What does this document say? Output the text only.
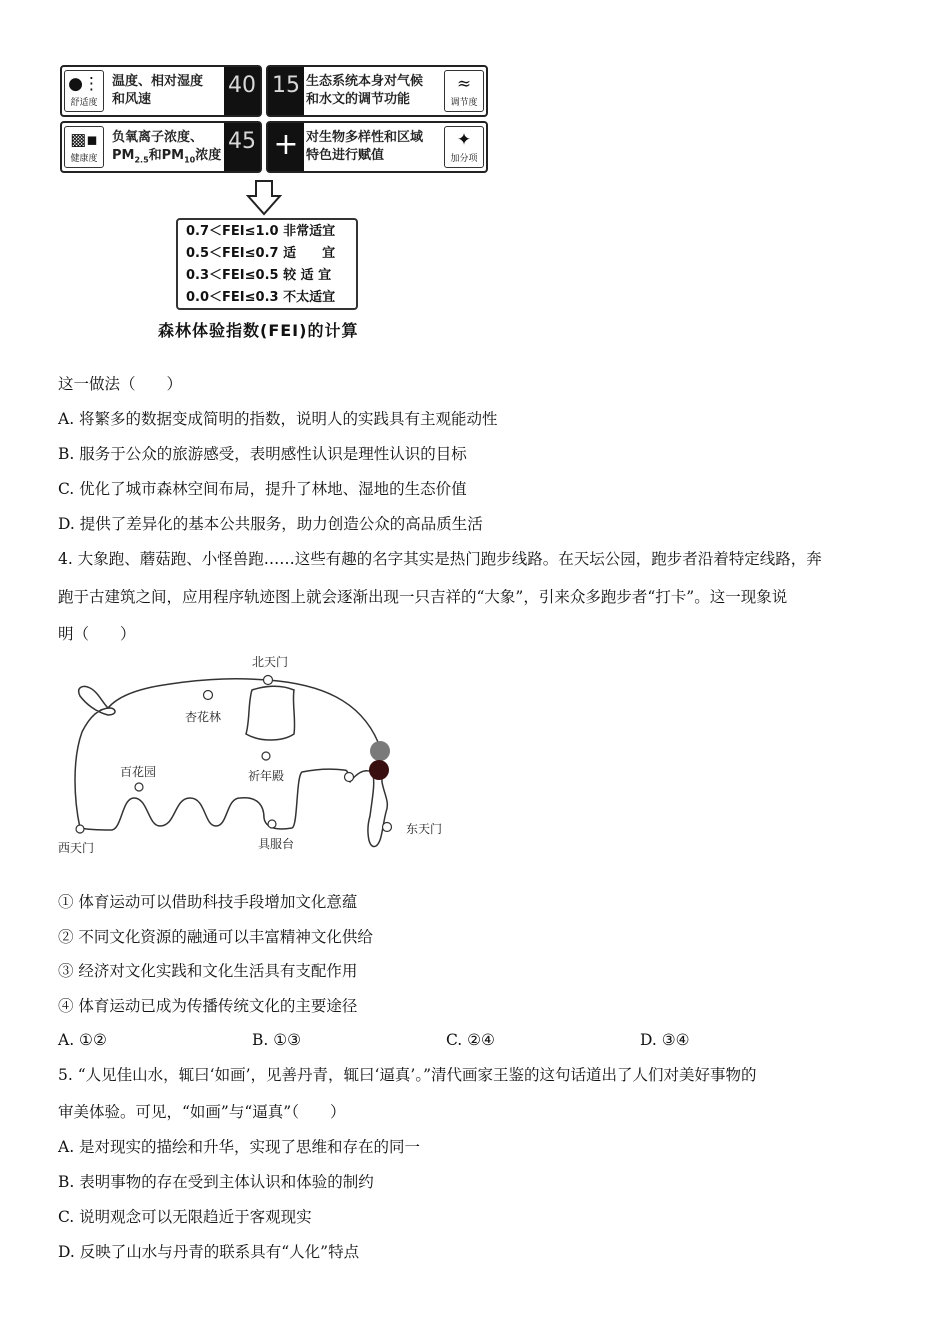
●⋮
舒适度
温度、相对湿度
和风速
40 15 生态系统本身对气候
和水文的调节功能
≈
调节度
▩▪
健康度
负氧离子浓度、
$PM_{2.5}$和$PM_{10}$浓度
45 + 对生物多样性和区域
特色进行赋值
✦
加分项
0.7＜FEI≤1.0 非常适宜
0.5＜FEI≤0.7 适　　宜
0.3＜FEI≤0.5 较 适 宜
0.0＜FEI≤0.3 不太适宜
森林体验指数(FEI)的计算
这一做法（　　）
A. 将繁多的数据变成简明的指数，说明人的实践具有主观能动性
B. 服务于公众的旅游感受，表明感性认识是理性认识的目标
C. 优化了城市森林空间布局，提升了林地、湿地的生态价值
D. 提供了差异化的基本公共服务，助力创造公众的高品质生活
4. 大象跑、蘑菇跑、小怪兽跑……这些有趣的名字其实是热门跑步线路。在天坛公园，跑步者沿着特定线路，奔
跑于古建筑之间，应用程序轨迹图上就会逐渐出现一只吉祥的“大象”，引来众多跑步者“打卡”。这一现象说
明（　　）
北天门
杏花林
百花园	祈年殿
东天门
西天门	具服台
① 体育运动可以借助科技手段增加文化意蕴
② 不同文化资源的融通可以丰富精神文化供给
③ 经济对文化实践和文化生活具有支配作用
④ 体育运动已成为传播传统文化的主要途径
A. ①②	B. ①③	C. ②④	D. ③④
5. “人见佳山水，辄曰‘如画’，见善丹青，辄曰‘逼真’。”清代画家王鉴的这句话道出了人们对美好事物的
审美体验。可见，“如画”与“逼真”（　　）
A. 是对现实的描绘和升华，实现了思维和存在的同一
B. 表明事物的存在受到主体认识和体验的制约
C. 说明观念可以无限趋近于客观现实
D. 反映了山水与丹青的联系具有“人化”特点
